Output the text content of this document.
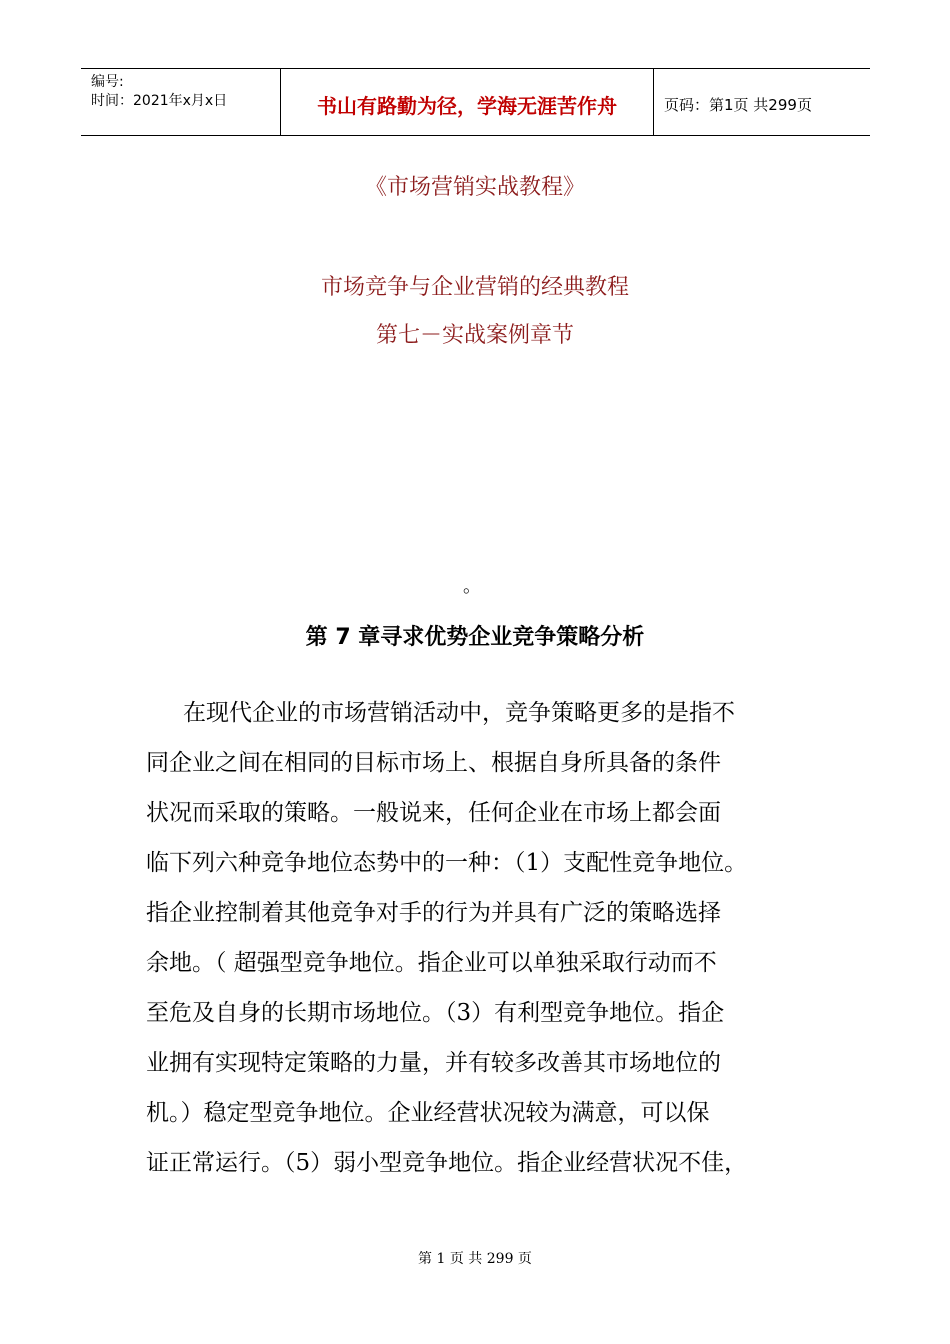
编号:
时间：2021年x月x日	书山有路勤为径，学海无涯苦作舟	页码：第1页 共299页
《市场营销实战教程》
市场竞争与企业营销的经典教程
第七－实战案例章节
。
第 7 章寻求优势企业竞争策略分析
在现代企业的市场营销活动中，竞争策略更多的是指不
同企业之间在相同的目标市场上、根据自身所具备的条件
状况而采取的策略。一般说来，任何企业在市场上都会面
临下列六种竞争地位态势中的一种：（1）支配性竞争地位。
指企业控制着其他竞争对手的行为并具有广泛的策略选择
余地。（ 超强型竞争地位。指企业可以单独采取行动而不
至危及自身的长期市场地位。（3）有利型竞争地位。指企
业拥有实现特定策略的力量，并有较多改善其市场地位的
机。）稳定型竞争地位。企业经营状况较为满意，可以保
证正常运行。（5）弱小型竞争地位。指企业经营状况不佳，
第 1 页 共 299 页
